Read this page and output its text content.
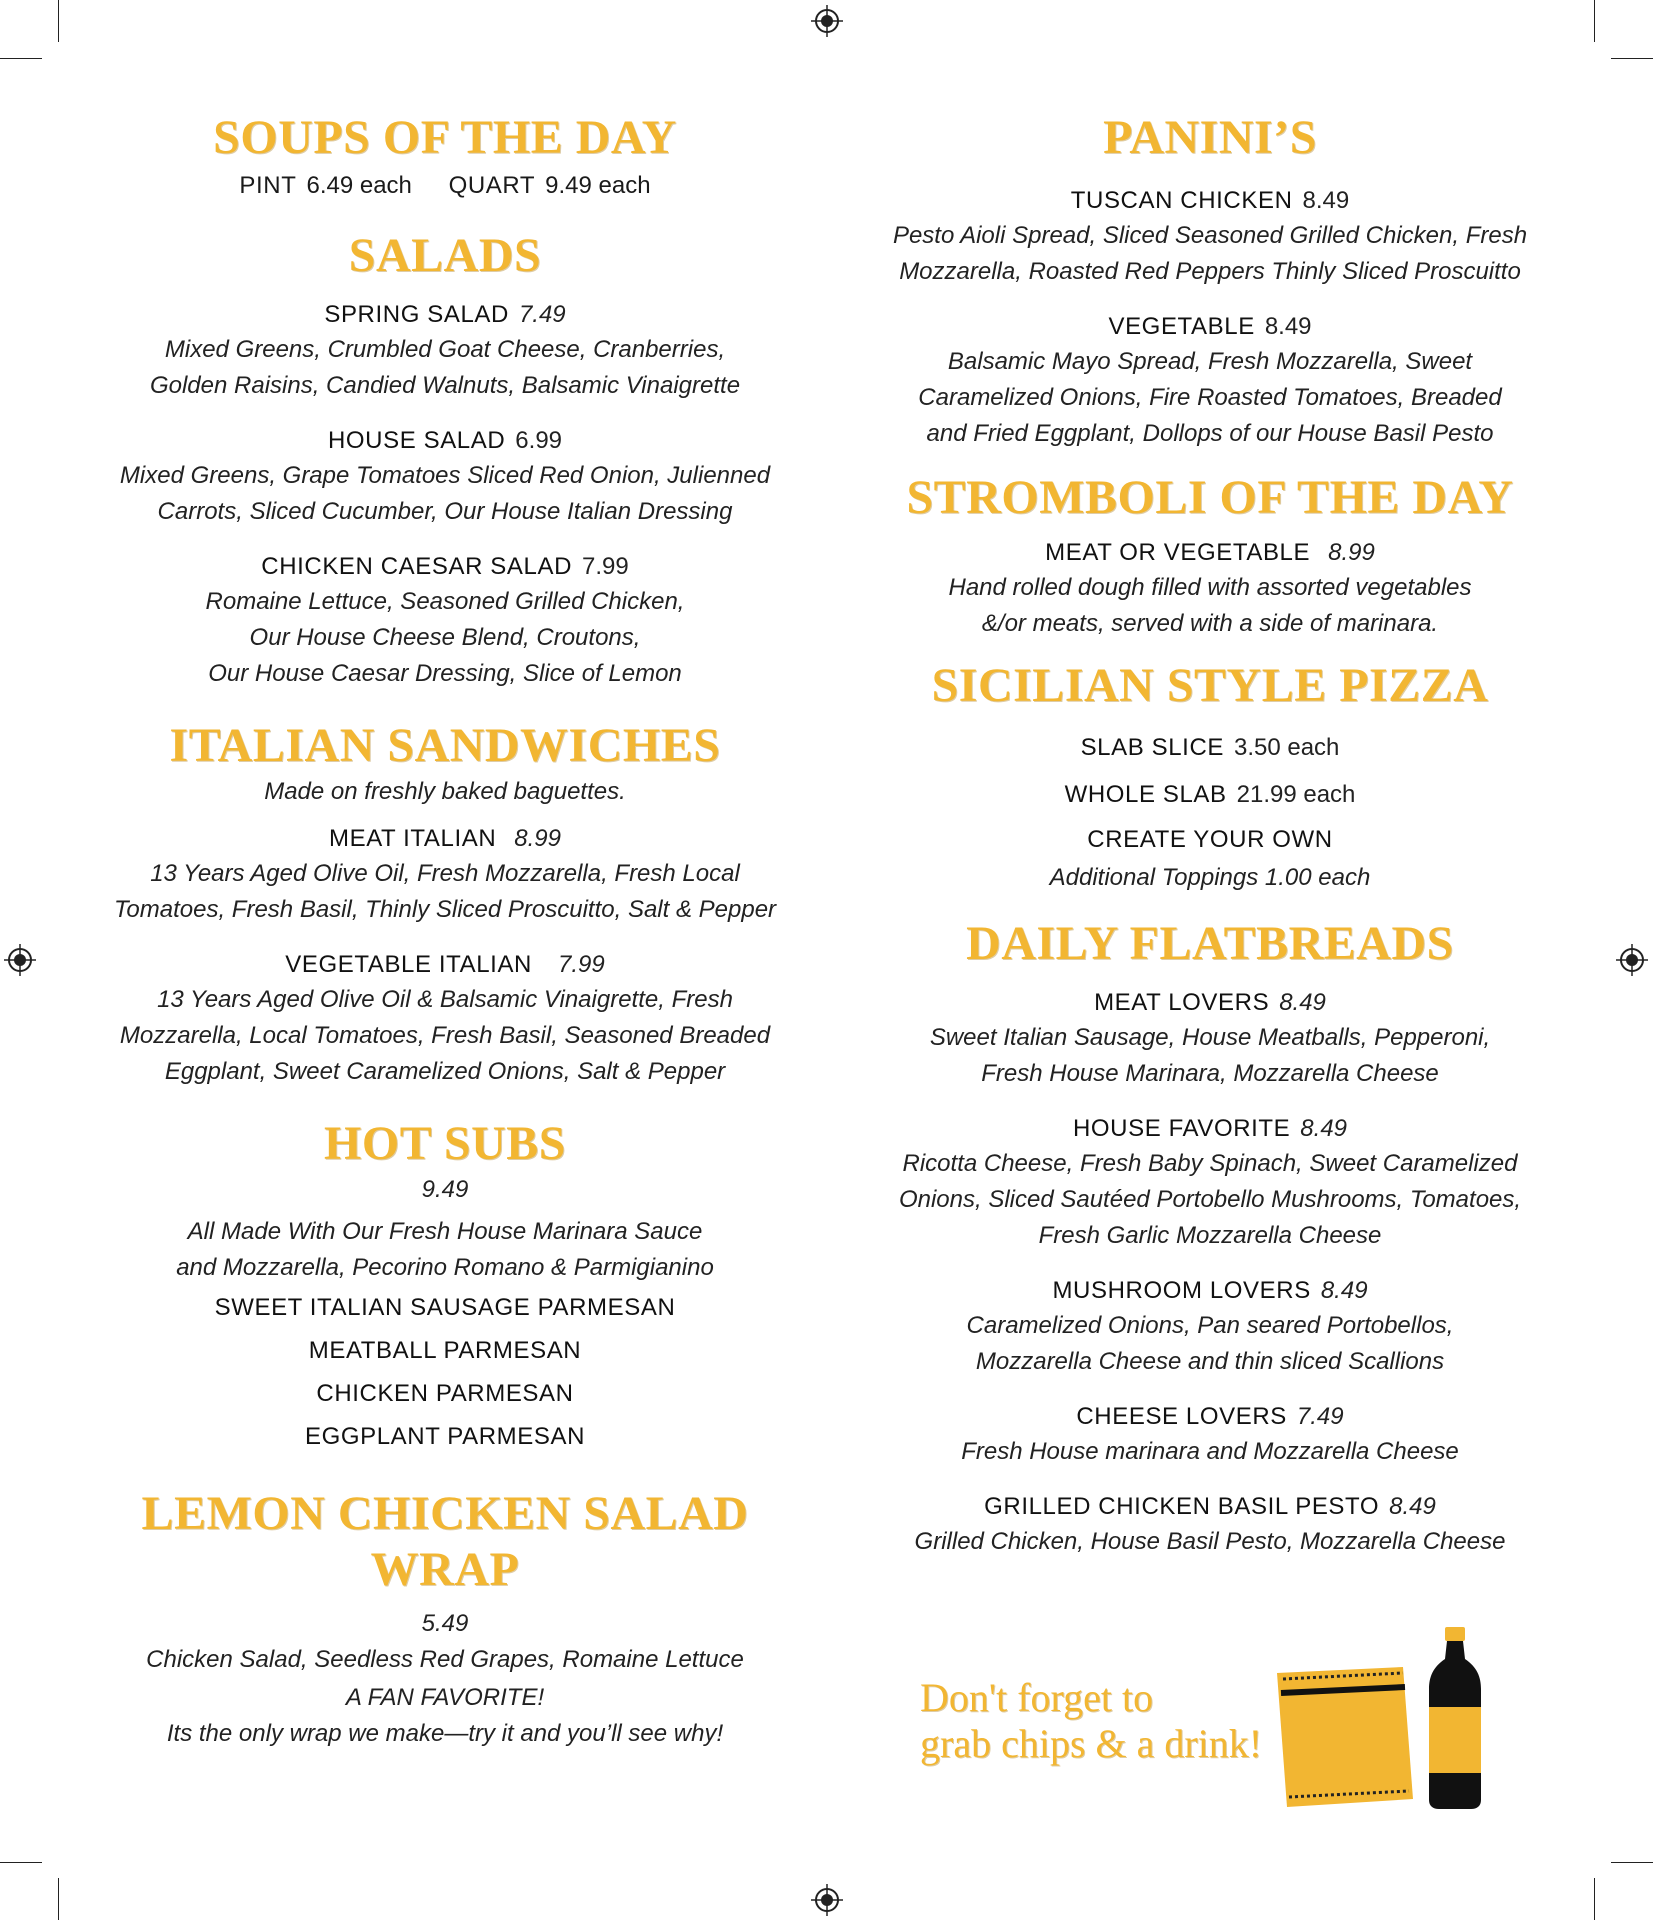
SOUPS OF THE DAY
PINT 6.49 each QUART 9.49 each
SALADS
SPRING SALAD 7.49
Mixed Greens, Crumbled Goat Cheese, Cranberries,
Golden Raisins, Candied Walnuts, Balsamic Vinaigrette
HOUSE SALAD 6.99
Mixed Greens, Grape Tomatoes Sliced Red Onion, Julienned
Carrots, Sliced Cucumber, Our House Italian Dressing
CHICKEN CAESAR SALAD 7.99
Romaine Lettuce, Seasoned Grilled Chicken,
Our House Cheese Blend, Croutons,
Our House Caesar Dressing, Slice of Lemon
ITALIAN SANDWICHES
Made on freshly baked baguettes.
MEAT ITALIAN 8.99
13 Years Aged Olive Oil, Fresh Mozzarella, Fresh Local
Tomatoes, Fresh Basil, Thinly Sliced Proscuitto, Salt & Pepper
VEGETABLE ITALIAN 7.99
13 Years Aged Olive Oil & Balsamic Vinaigrette, Fresh
Mozzarella, Local Tomatoes, Fresh Basil, Seasoned Breaded
Eggplant, Sweet Caramelized Onions, Salt & Pepper
HOT SUBS
9.49
All Made With Our Fresh House Marinara Sauce
and Mozzarella, Pecorino Romano & Parmigianino
SWEET ITALIAN SAUSAGE PARMESAN
MEATBALL PARMESAN
CHICKEN PARMESAN
EGGPLANT PARMESAN
LEMON CHICKEN SALAD WRAP
5.49
Chicken Salad, Seedless Red Grapes, Romaine Lettuce
A FAN FAVORITE!
Its the only wrap we make—try it and you’ll see why!
PANINI’S
TUSCAN CHICKEN 8.49
Pesto Aioli Spread, Sliced Seasoned Grilled Chicken, Fresh
Mozzarella, Roasted Red Peppers Thinly Sliced Proscuitto
VEGETABLE 8.49
Balsamic Mayo Spread, Fresh Mozzarella, Sweet
Caramelized Onions, Fire Roasted Tomatoes, Breaded
and Fried Eggplant, Dollops of our House Basil Pesto
STROMBOLI OF THE DAY
MEAT OR VEGETABLE 8.99
Hand rolled dough filled with assorted vegetables
&/or meats, served with a side of marinara.
SICILIAN STYLE PIZZA
SLAB SLICE 3.50 each
WHOLE SLAB 21.99 each
CREATE YOUR OWN
Additional Toppings 1.00 each
DAILY FLATBREADS
MEAT LOVERS 8.49
Sweet Italian Sausage, House Meatballs, Pepperoni,
Fresh House Marinara, Mozzarella Cheese
HOUSE FAVORITE 8.49
Ricotta Cheese, Fresh Baby Spinach, Sweet Caramelized
Onions, Sliced Sautéed Portobello Mushrooms, Tomatoes,
Fresh Garlic Mozzarella Cheese
MUSHROOM LOVERS 8.49
Caramelized Onions, Pan seared Portobellos,
Mozzarella Cheese and thin sliced Scallions
CHEESE LOVERS 7.49
Fresh House marinara and Mozzarella Cheese
GRILLED CHICKEN BASIL PESTO 8.49
Grilled Chicken, House Basil Pesto, Mozzarella Cheese
Don't forget to
grab chips & a drink!
